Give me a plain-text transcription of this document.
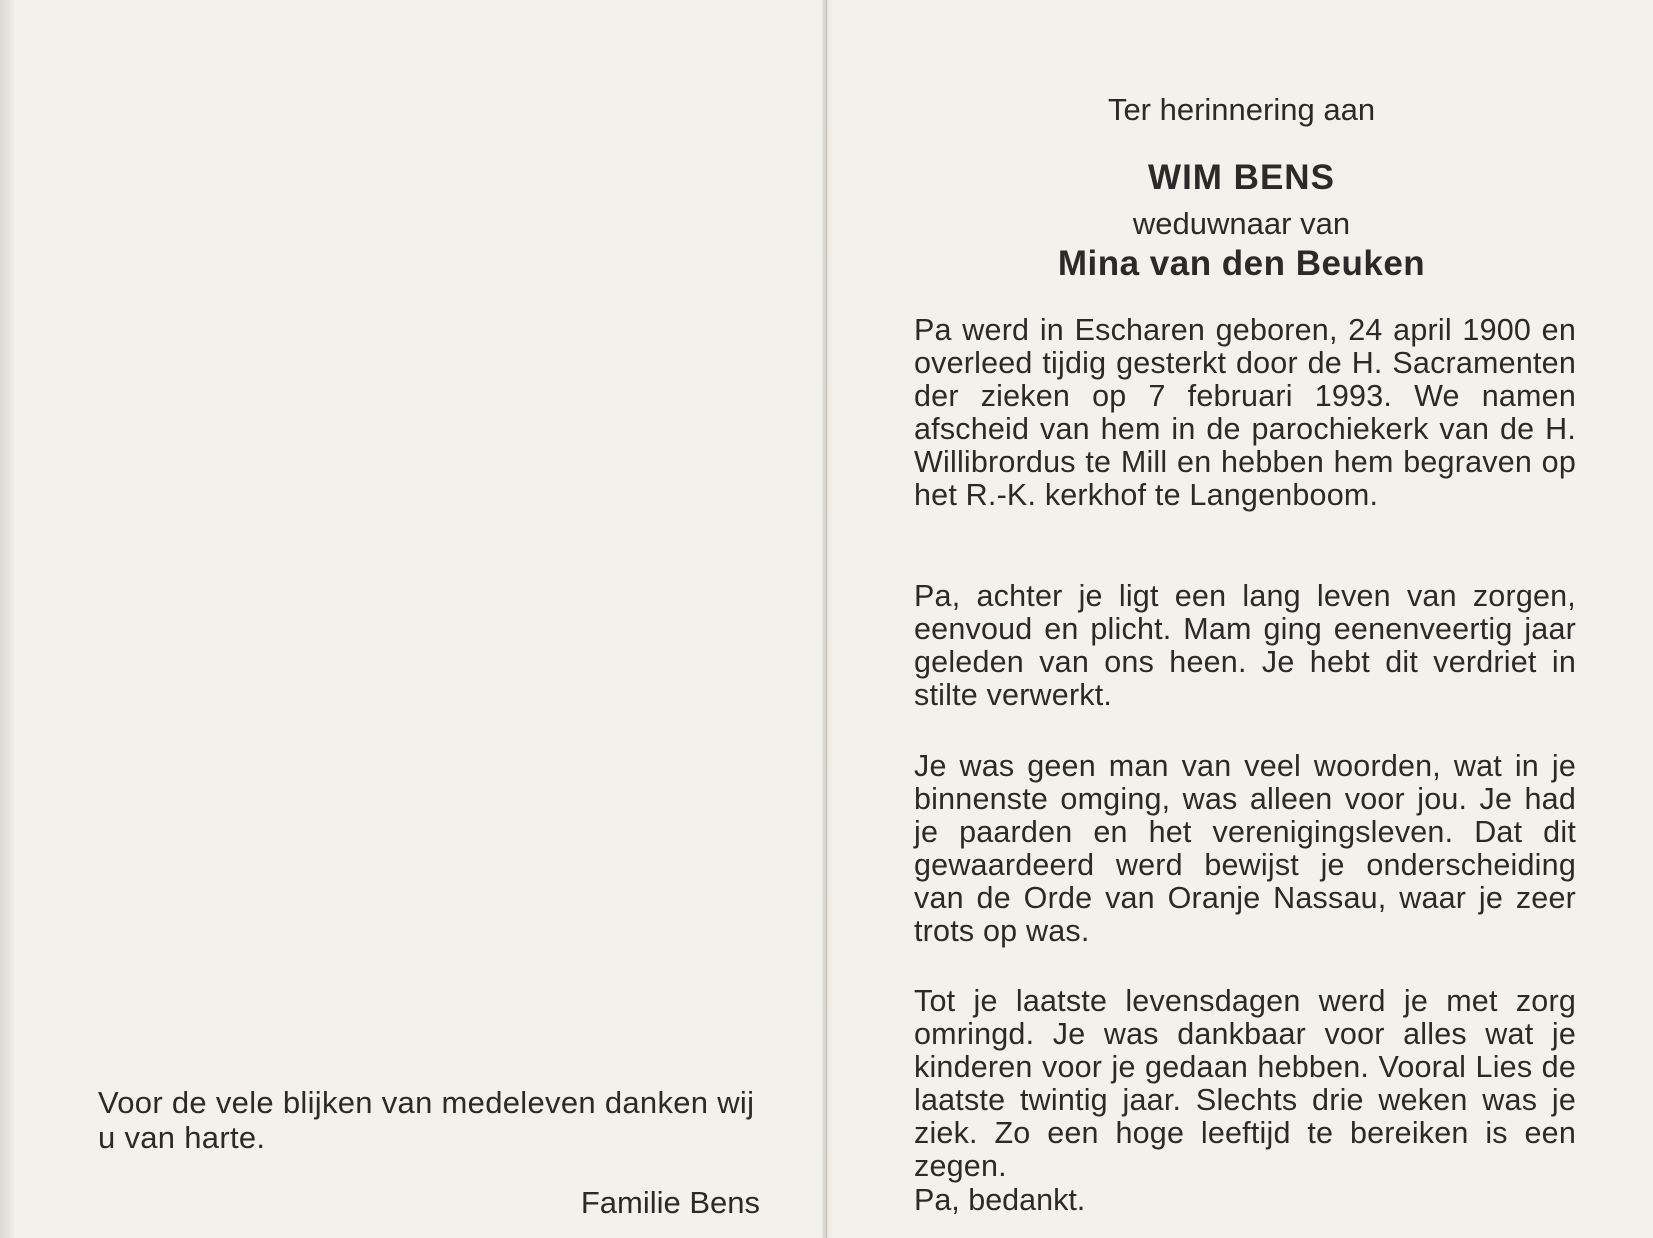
Voor de vele blijken van medeleven danken wij u van harte.

Familie Bens
Ter herinnering aan
WIM BENS
weduwnaar van
Mina van den Beuken

Pa werd in Escharen geboren, 24 april 1900 en overleed tijdig gesterkt door de H. Sacramenten der zieken op 7 februari 1993. We namen afscheid van hem in de parochiekerk van de H. Willibrordus te Mill en hebben hem begraven op het R.-K. kerkhof te Langenboom.

Pa, achter je ligt een lang leven van zorgen, eenvoud en plicht. Mam ging eenenveertig jaar geleden van ons heen. Je hebt dit verdriet in stilte verwerkt.

Je was geen man van veel woorden, wat in je binnenste omging, was alleen voor jou. Je had je paarden en het verenigingsleven. Dat dit gewaardeerd werd bewijst je onderscheiding van de Orde van Oranje Nassau, waar je zeer trots op was.

Tot je laatste levensdagen werd je met zorg omringd. Je was dankbaar voor alles wat je kinderen voor je gedaan hebben. Vooral Lies de laatste twintig jaar. Slechts drie weken was je ziek. Zo een hoge leeftijd te bereiken is een zegen.

Pa, bedankt.
